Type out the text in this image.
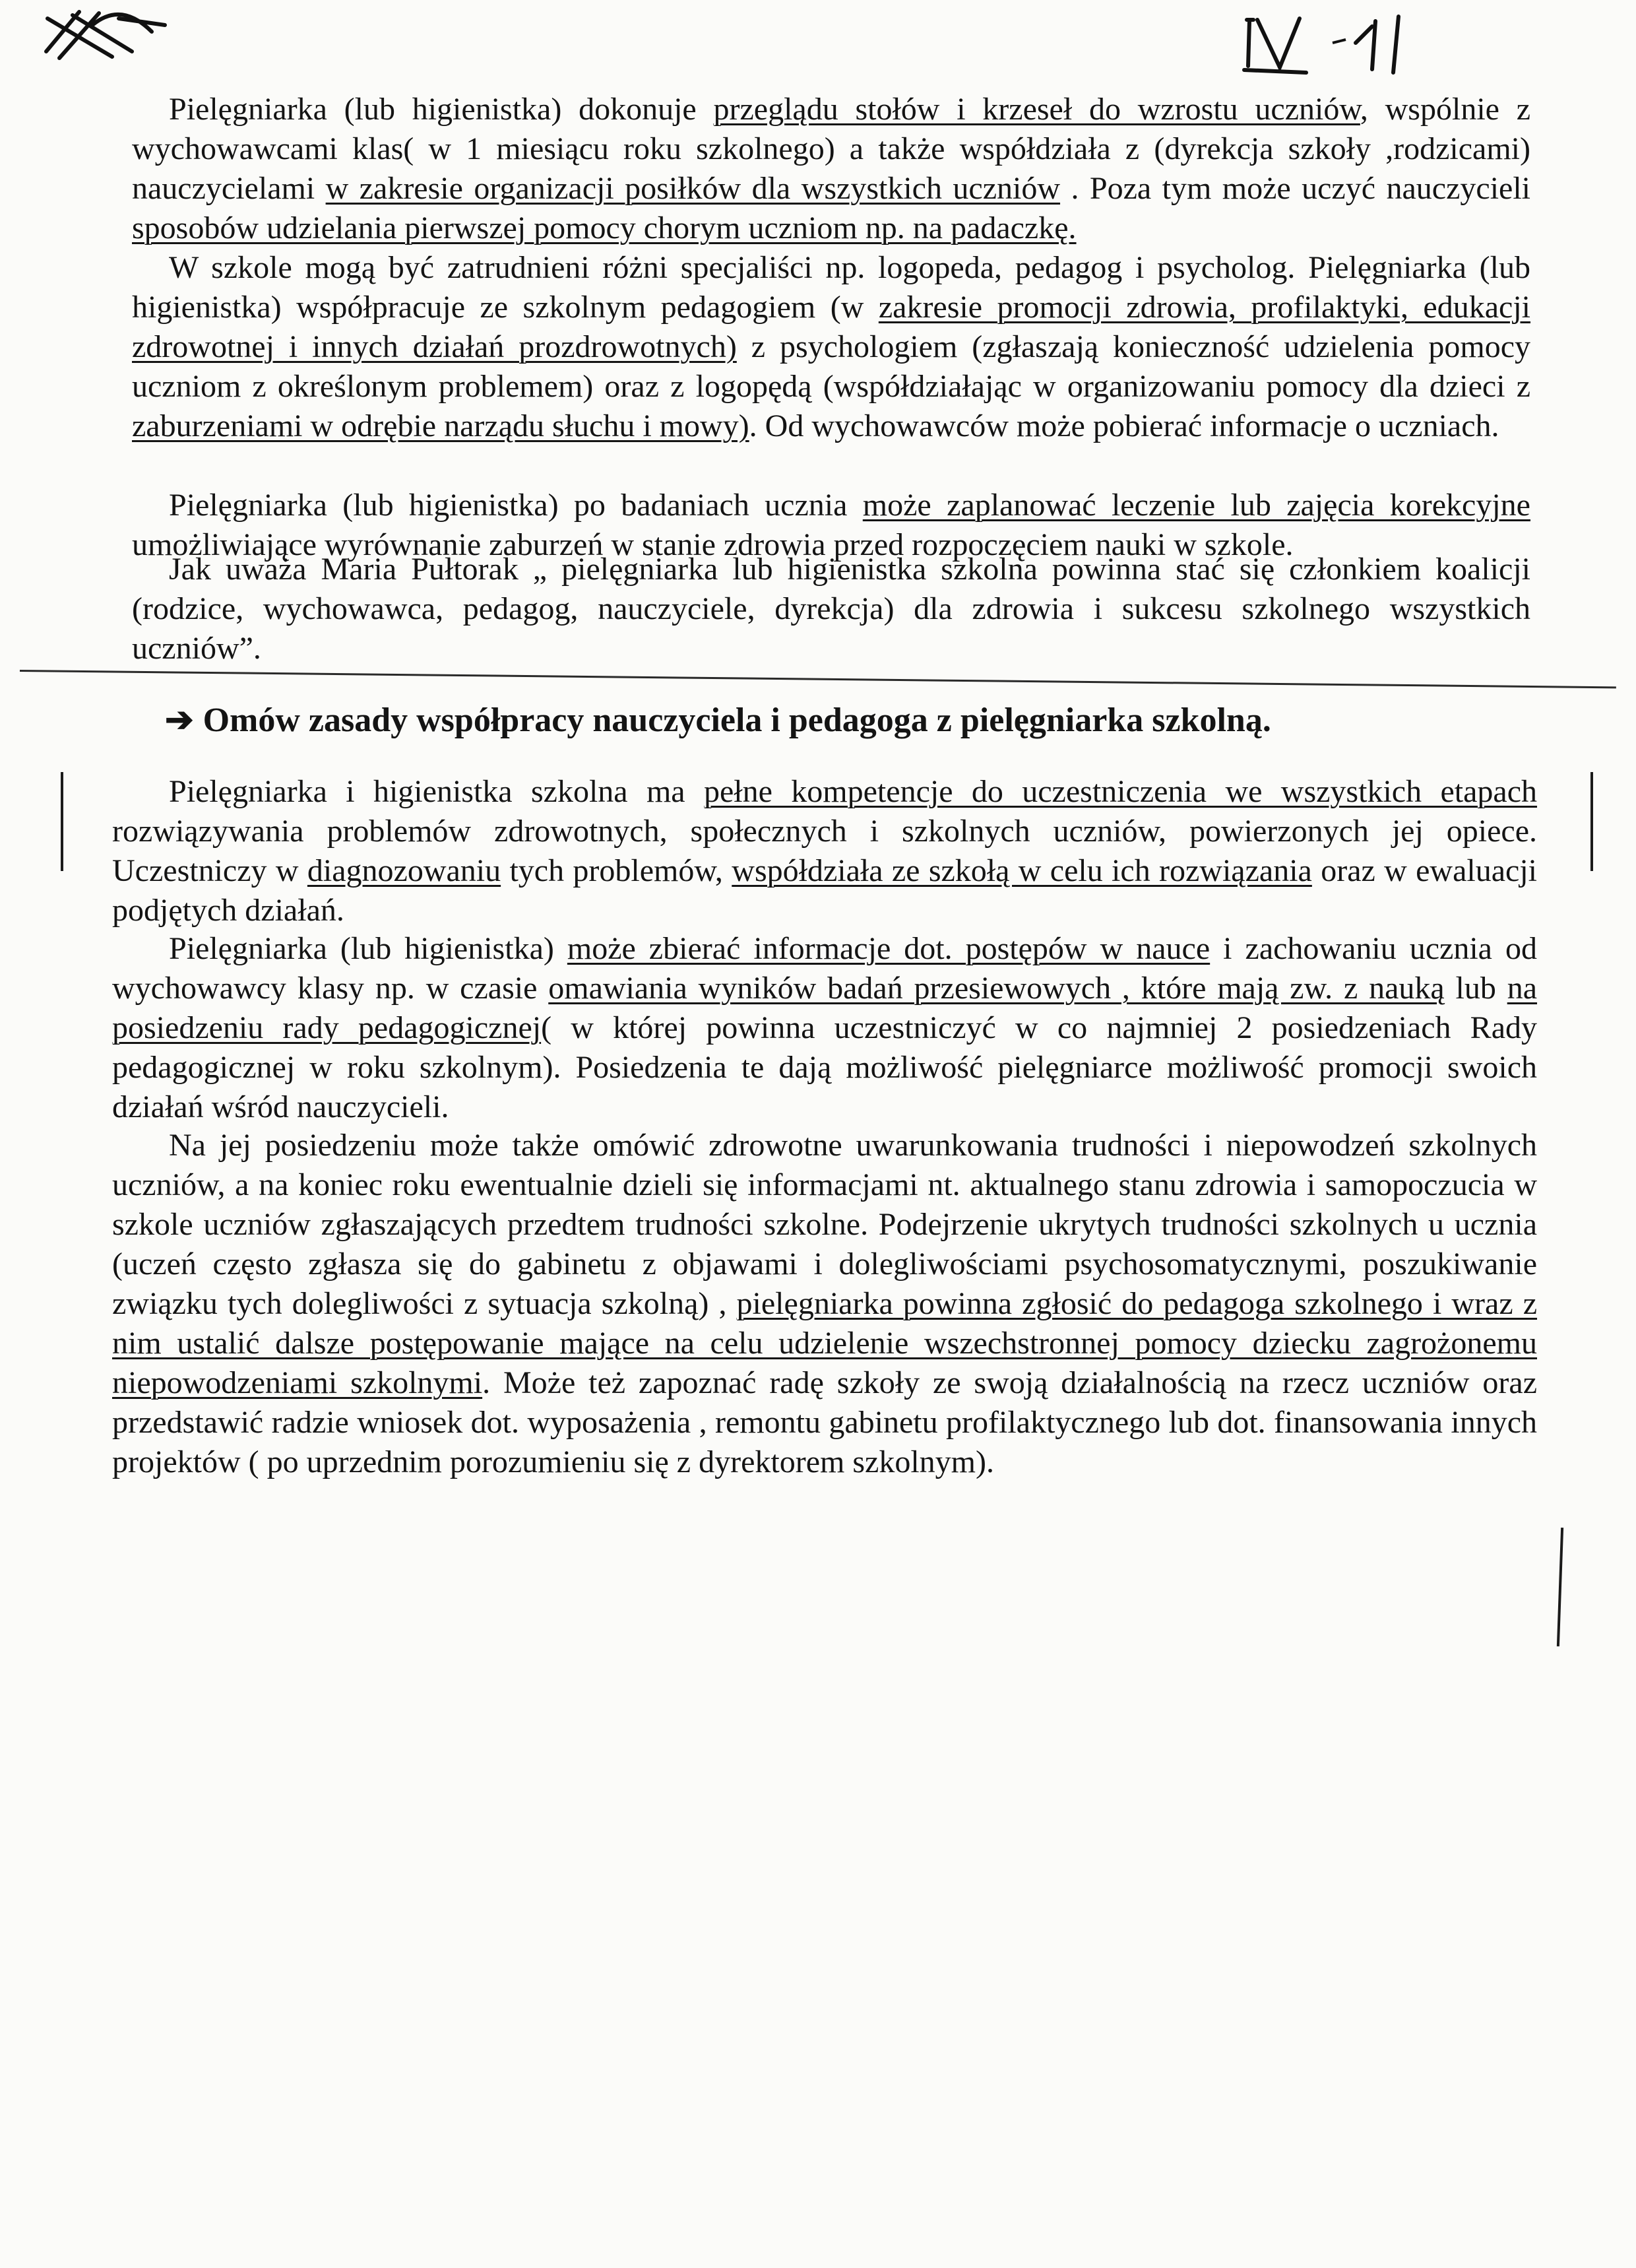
Pielęgniarka (lub higienistka) dokonuje przeglądu stołów i krzeseł do wzrostu uczniów, wspólnie z wychowawcami klas( w 1 miesiącu roku szkolnego) a także współdziała z (dyrekcja szkoły ,rodzicami) nauczycielami w zakresie organizacji posiłków dla wszystkich uczniów . Poza tym może uczyć nauczycieli sposobów udzielania pierwszej pomocy chorym uczniom np. na padaczkę.

W szkole mogą być zatrudnieni różni specjaliści np. logopeda, pedagog i psycholog. Pielęgniarka (lub higienistka) współpracuje ze szkolnym pedagogiem (w zakresie promocji zdrowia, profilaktyki, edukacji zdrowotnej i innych działań prozdrowotnych) z psychologiem (zgłaszają konieczność udzielenia pomocy uczniom z określonym problemem) oraz z logopędą (współdziałając w organizowaniu pomocy dla dzieci z zaburzeniami w odrębie narządu słuchu i mowy). Od wychowawców może pobierać informacje o uczniach.

Pielęgniarka (lub higienistka) po badaniach ucznia może zaplanować leczenie lub zajęcia korekcyjne umożliwiające wyrównanie zaburzeń w stanie zdrowia przed rozpoczęciem nauki w szkole.

Jak uważa Maria Pułtorak „ pielęgniarka lub higienistka szkolna powinna stać się członkiem koalicji (rodzice, wychowawca, pedagog, nauczyciele, dyrekcja) dla zdrowia i sukcesu szkolnego wszystkich uczniów”.

➔ Omów zasady współpracy nauczyciela i pedagoga z pielęgniarka szkolną.

Pielęgniarka i higienistka szkolna ma pełne kompetencje do uczestniczenia we wszystkich etapach rozwiązywania problemów zdrowotnych, społecznych i szkolnych uczniów, powierzonych jej opiece. Uczestniczy w diagnozowaniu tych problemów, współdziała ze szkołą w celu ich rozwiązania oraz w ewaluacji podjętych działań.

Pielęgniarka (lub higienistka) może zbierać informacje dot. postępów w nauce i zachowaniu ucznia od wychowawcy klasy np. w czasie omawiania wyników badań przesiewowych , które mają zw. z nauką lub na posiedzeniu rady pedagogicznej( w której powinna uczestniczyć w co najmniej 2 posiedzeniach Rady pedagogicznej w roku szkolnym). Posiedzenia te dają możliwość pielęgniarce możliwość promocji swoich działań wśród nauczycieli.

Na jej posiedzeniu może także omówić zdrowotne uwarunkowania trudności i niepowodzeń szkolnych uczniów, a na koniec roku ewentualnie dzieli się informacjami nt. aktualnego stanu zdrowia i samopoczucia w szkole uczniów zgłaszających przedtem trudności szkolne. Podejrzenie ukrytych trudności szkolnych u ucznia (uczeń często zgłasza się do gabinetu z objawami i dolegliwościami psychosomatycznymi, poszukiwanie związku tych dolegliwości z sytuacja szkolną) , pielęgniarka powinna zgłosić do pedagoga szkolnego i wraz z nim ustalić dalsze postępowanie mające na celu udzielenie wszechstronnej pomocy dziecku zagrożonemu niepowodzeniami szkolnymi. Może też zapoznać radę szkoły ze swoją działalnością na rzecz uczniów oraz przedstawić radzie wniosek dot. wyposażenia , remontu gabinetu profilaktycznego lub dot. finansowania innych projektów ( po uprzednim porozumieniu się z dyrektorem szkolnym).
